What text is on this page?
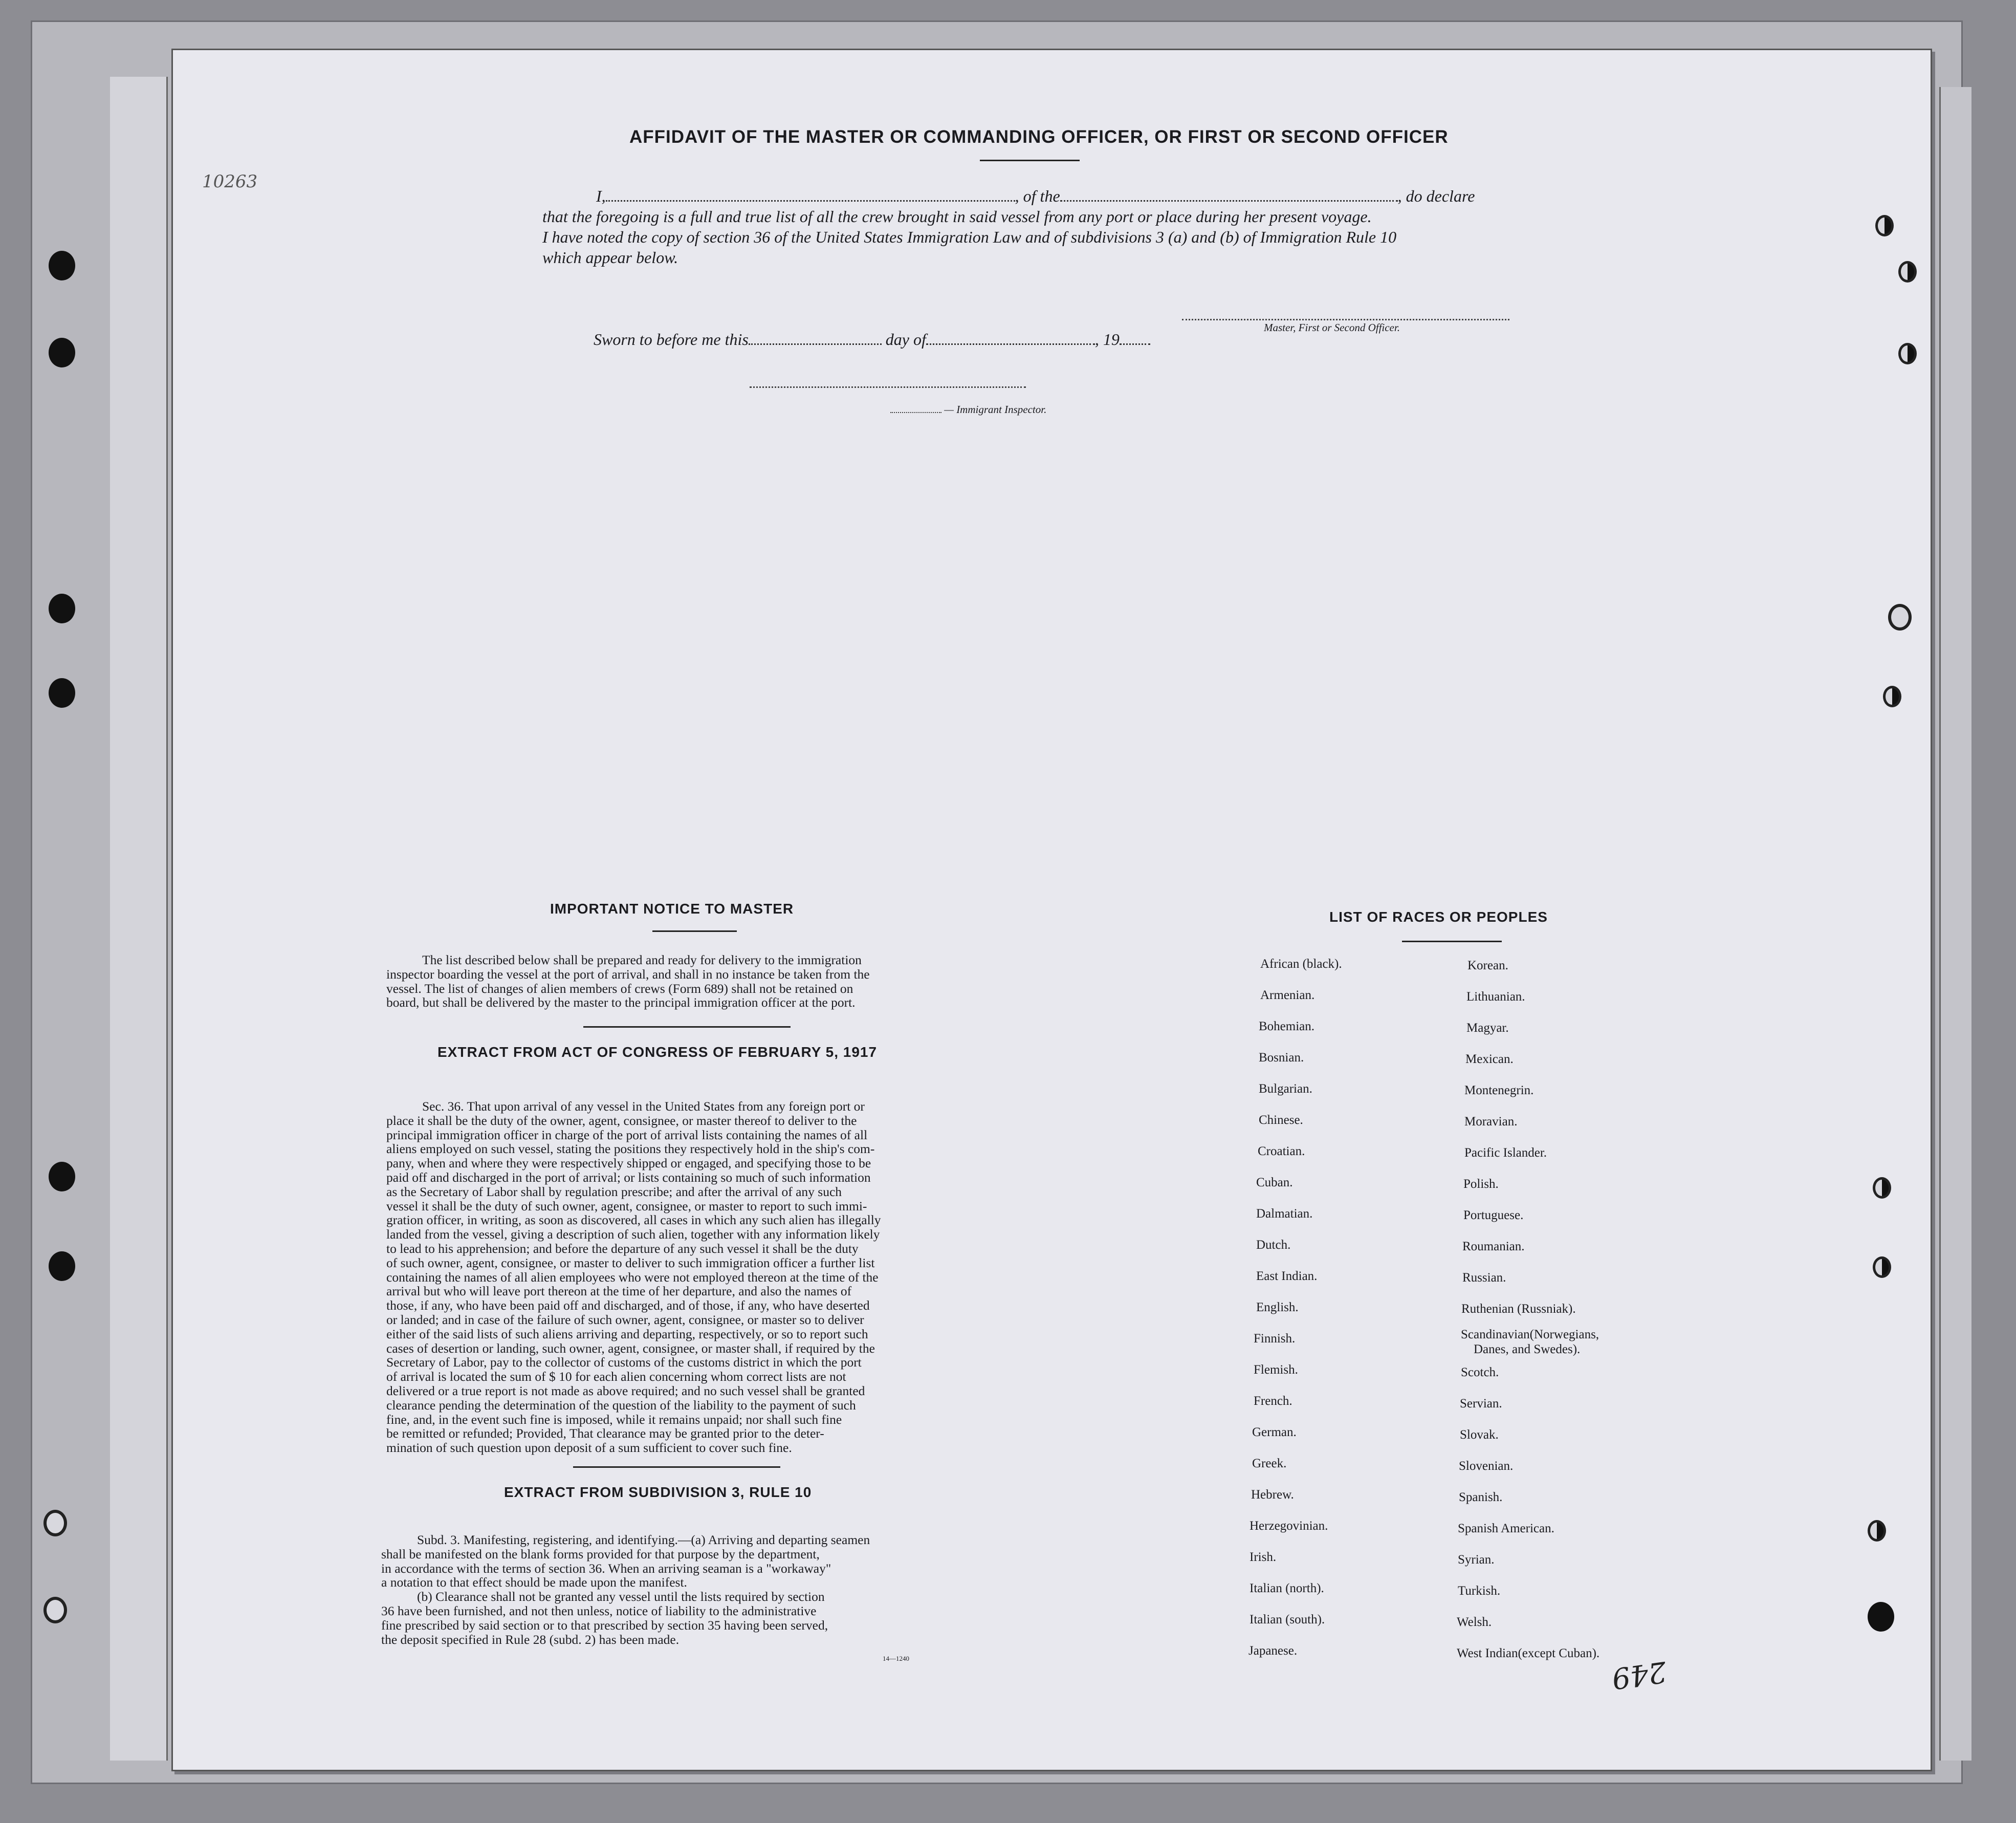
10263
249
AFFIDAVIT OF THE MASTER OR COMMANDING OFFICER, OR FIRST OR SECOND OFFICER
I,	, of the	, do declare
that the foregoing is a full and true list of all the crew brought in said vessel from any port or place during her present voyage.
I have noted the copy of section 36 of the United States Immigration Law and of subdivisions 3 (a) and (b) of Immigration Rule 10
which appear below.
Master, First or Second Officer.
Sworn to before me this	day of	, 19
— Immigrant Inspector.
IMPORTANT NOTICE TO MASTER
The list described below shall be prepared and ready for delivery to the immigration
inspector boarding the vessel at the port of arrival, and shall in no instance be taken from the
vessel. The list of changes of alien members of crews (Form 689) shall not be retained on
board, but shall be delivered by the master to the principal immigration officer at the port.
EXTRACT FROM ACT OF CONGRESS OF FEBRUARY 5, 1917
Sec. 36. That upon arrival of any vessel in the United States from any foreign port or
place it shall be the duty of the owner, agent, consignee, or master thereof to deliver to the
principal immigration officer in charge of the port of arrival lists containing the names of all
aliens employed on such vessel, stating the positions they respectively hold in the ship's com-
pany, when and where they were respectively shipped or engaged, and specifying those to be
paid off and discharged in the port of arrival; or lists containing so much of such information
as the Secretary of Labor shall by regulation prescribe; and after the arrival of any such
vessel it shall be the duty of such owner, agent, consignee, or master to report to such immi-
gration officer, in writing, as soon as discovered, all cases in which any such alien has illegally
landed from the vessel, giving a description of such alien, together with any information likely
to lead to his apprehension; and before the departure of any such vessel it shall be the duty
of such owner, agent, consignee, or master to deliver to such immigration officer a further list
containing the names of all alien employees who were not employed thereon at the time of the
arrival but who will leave port thereon at the time of her departure, and also the names of
those, if any, who have been paid off and discharged, and of those, if any, who have deserted
or landed; and in case of the failure of such owner, agent, consignee, or master so to deliver
either of the said lists of such aliens arriving and departing, respectively, or so to report such
cases of desertion or landing, such owner, agent, consignee, or master shall, if required by the
Secretary of Labor, pay to the collector of customs of the customs district in which the port
of arrival is located the sum of $ 10 for each alien concerning whom correct lists are not
delivered or a true report is not made as above required; and no such vessel shall be granted
clearance pending the determination of the question of the liability to the payment of such
fine, and, in the event such fine is imposed, while it remains unpaid; nor shall such fine
be remitted or refunded; Provided, That clearance may be granted prior to the deter-
mination of such question upon deposit of a sum sufficient to cover such fine.
EXTRACT FROM SUBDIVISION 3, RULE 10
Subd. 3. Manifesting, registering, and identifying.—(a) Arriving and departing seamen
shall be manifested on the blank forms provided for that purpose by the department,
in accordance with the terms of section 36. When an arriving seaman is a "workaway"
a notation to that effect should be made upon the manifest.
(b) Clearance shall not be granted any vessel until the lists required by section
36 have been furnished, and not then unless, notice of liability to the administrative
fine prescribed by said section or to that prescribed by section 35 having been served,
the deposit specified in Rule 28 (subd. 2) has been made.
14—1240
LIST OF RACES OR PEOPLES
African (black).
Armenian.
Bohemian.
Bosnian.
Bulgarian.
Chinese.
Croatian.
Cuban.
Dalmatian.
Dutch.
East Indian.
English.
Finnish.
Flemish.
French.
German.
Greek.
Hebrew.
Herzegovinian.
Irish.
Italian (north).
Italian (south).
Japanese.
Korean.
Lithuanian.
Magyar.
Mexican.
Montenegrin.
Moravian.
Pacific Islander.
Polish.
Portuguese.
Roumanian.
Russian.
Ruthenian (Russniak).
Scandinavian(Norwegians,
Danes, and Swedes).
Scotch.
Servian.
Slovak.
Slovenian.
Spanish.
Spanish American.
Syrian.
Turkish.
Welsh.
West Indian(except Cuban).
